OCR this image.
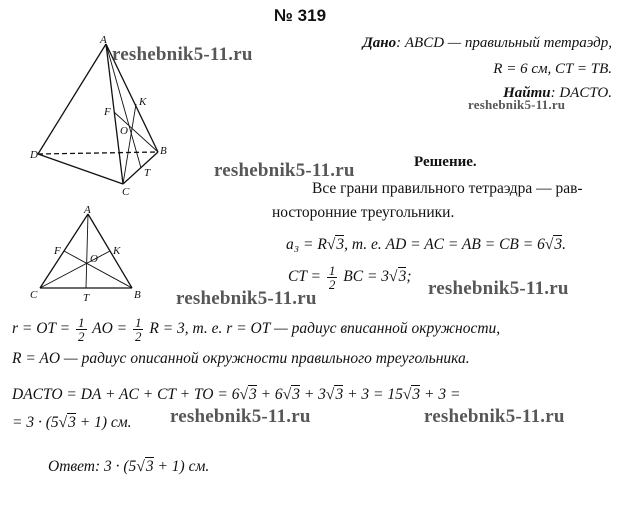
№ 319
Дано: ABCD — правильный тетраэдр,
R = 6 см, CT = TB.
Найти: DACTO.
A
D	B
C
F
K
O
T
A
F	K
O
C	T	B
reshebnik5-11.ru
reshebnik5-11.ru
reshebnik5-11.ru
reshebnik5-11.ru	reshebnik5-11.ru
reshebnik5-11.ru	reshebnik5-11.ru
Решение.
Все грани правильного тетраэдра — рав-
носторонние треугольники.
a₃ = R√3, т. е. AD = AC = AB = CB = 6√3.
CT = $\frac{1}{2}$ BC = 3√3;
r = OT = $\frac{1}{2}$ AO = $\frac{1}{2}$ R = 3, т. е. r = OT — радиус вписанной окружности,
R = AO — радиус описанной окружности правильного треугольника.
DACTO = DA + AC + CT + TO = 6√3 + 6√3 + 3√3 + 3 = 15√3 + 3 =
= 3 · (5√3 + 1) см.
Ответ: 3 · (5√3 + 1) см.
